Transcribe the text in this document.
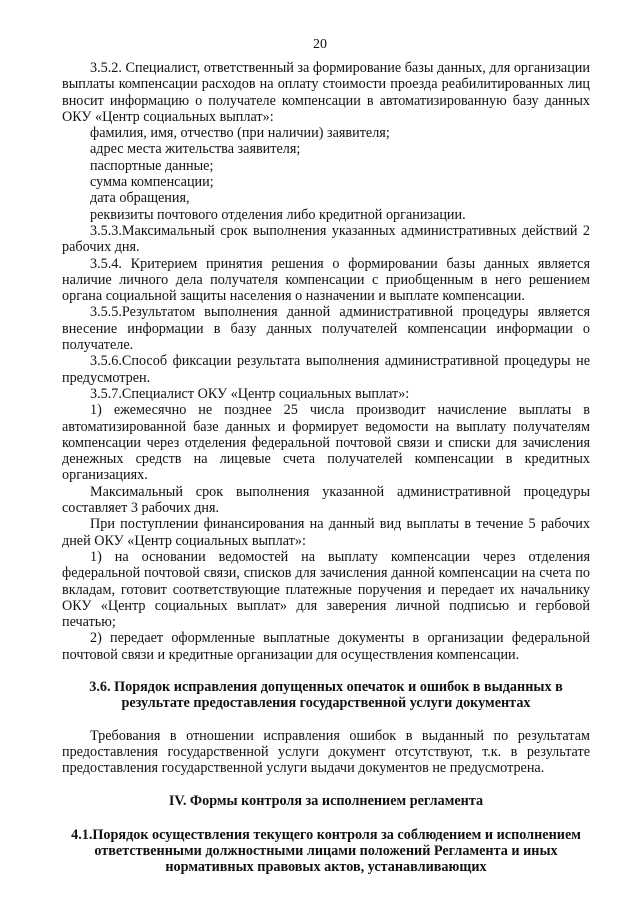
20

3.5.2. Специалист, ответственный за формирование базы данных, для организации выплаты компенсации расходов на оплату стоимости проезда реабилитированных лиц вносит информацию о получателе компенсации в автоматизированную базу данных ОКУ «Центр социальных выплат»:

фамилия, имя, отчество (при наличии) заявителя;

адрес места жительства заявителя;

паспортные данные;

сумма компенсации;

дата обращения,

реквизиты почтового отделения либо кредитной организации.

3.5.3.Максимальный срок выполнения указанных административных действий 2 рабочих дня.

3.5.4. Критерием принятия решения о формировании базы данных является наличие личного дела получателя компенсации с приобщенным в него решением органа социальной защиты населения о назначении и выплате компенсации.

3.5.5.Результатом выполнения данной административной процедуры является внесение информации в базу данных получателей компенсации информации о получателе.

3.5.6.Способ фиксации результата выполнения административной процедуры не предусмотрен.

3.5.7.Специалист ОКУ «Центр социальных выплат»:

1) ежемесячно не позднее 25 числа производит начисление выплаты в автоматизированной базе данных и формирует ведомости на выплату получателям компенсации через отделения федеральной почтовой связи и списки для зачисления денежных средств на лицевые счета получателей компенсации в кредитных организациях.

Максимальный срок выполнения указанной административной процедуры составляет 3 рабочих дня.

При поступлении финансирования на данный вид выплаты в течение 5 рабочих дней ОКУ «Центр социальных выплат»:

1) на основании ведомостей на выплату компенсации через отделения федеральной почтовой связи, списков для зачисления данной компенсации на счета по вкладам, готовит соответствующие платежные поручения и передает их начальнику ОКУ «Центр социальных выплат» для заверения личной подписью и гербовой печатью;

2) передает оформленные выплатные документы в организации федеральной почтовой связи и кредитные организации для осуществления компенсации.

3.6. Порядок исправления допущенных опечаток и ошибок в выданных в результате предоставления государственной услуги документах

Требования в отношении исправления ошибок в выданный по результатам предоставления государственной услуги документ отсутствуют, т.к. в результате предоставления государственной услуги выдачи документов не предусмотрена.

IV. Формы контроля за исполнением регламента

4.1.Порядок осуществления текущего контроля за соблюдением и исполнением ответственными должностными лицами положений Регламента и иных нормативных правовых актов, устанавливающих
